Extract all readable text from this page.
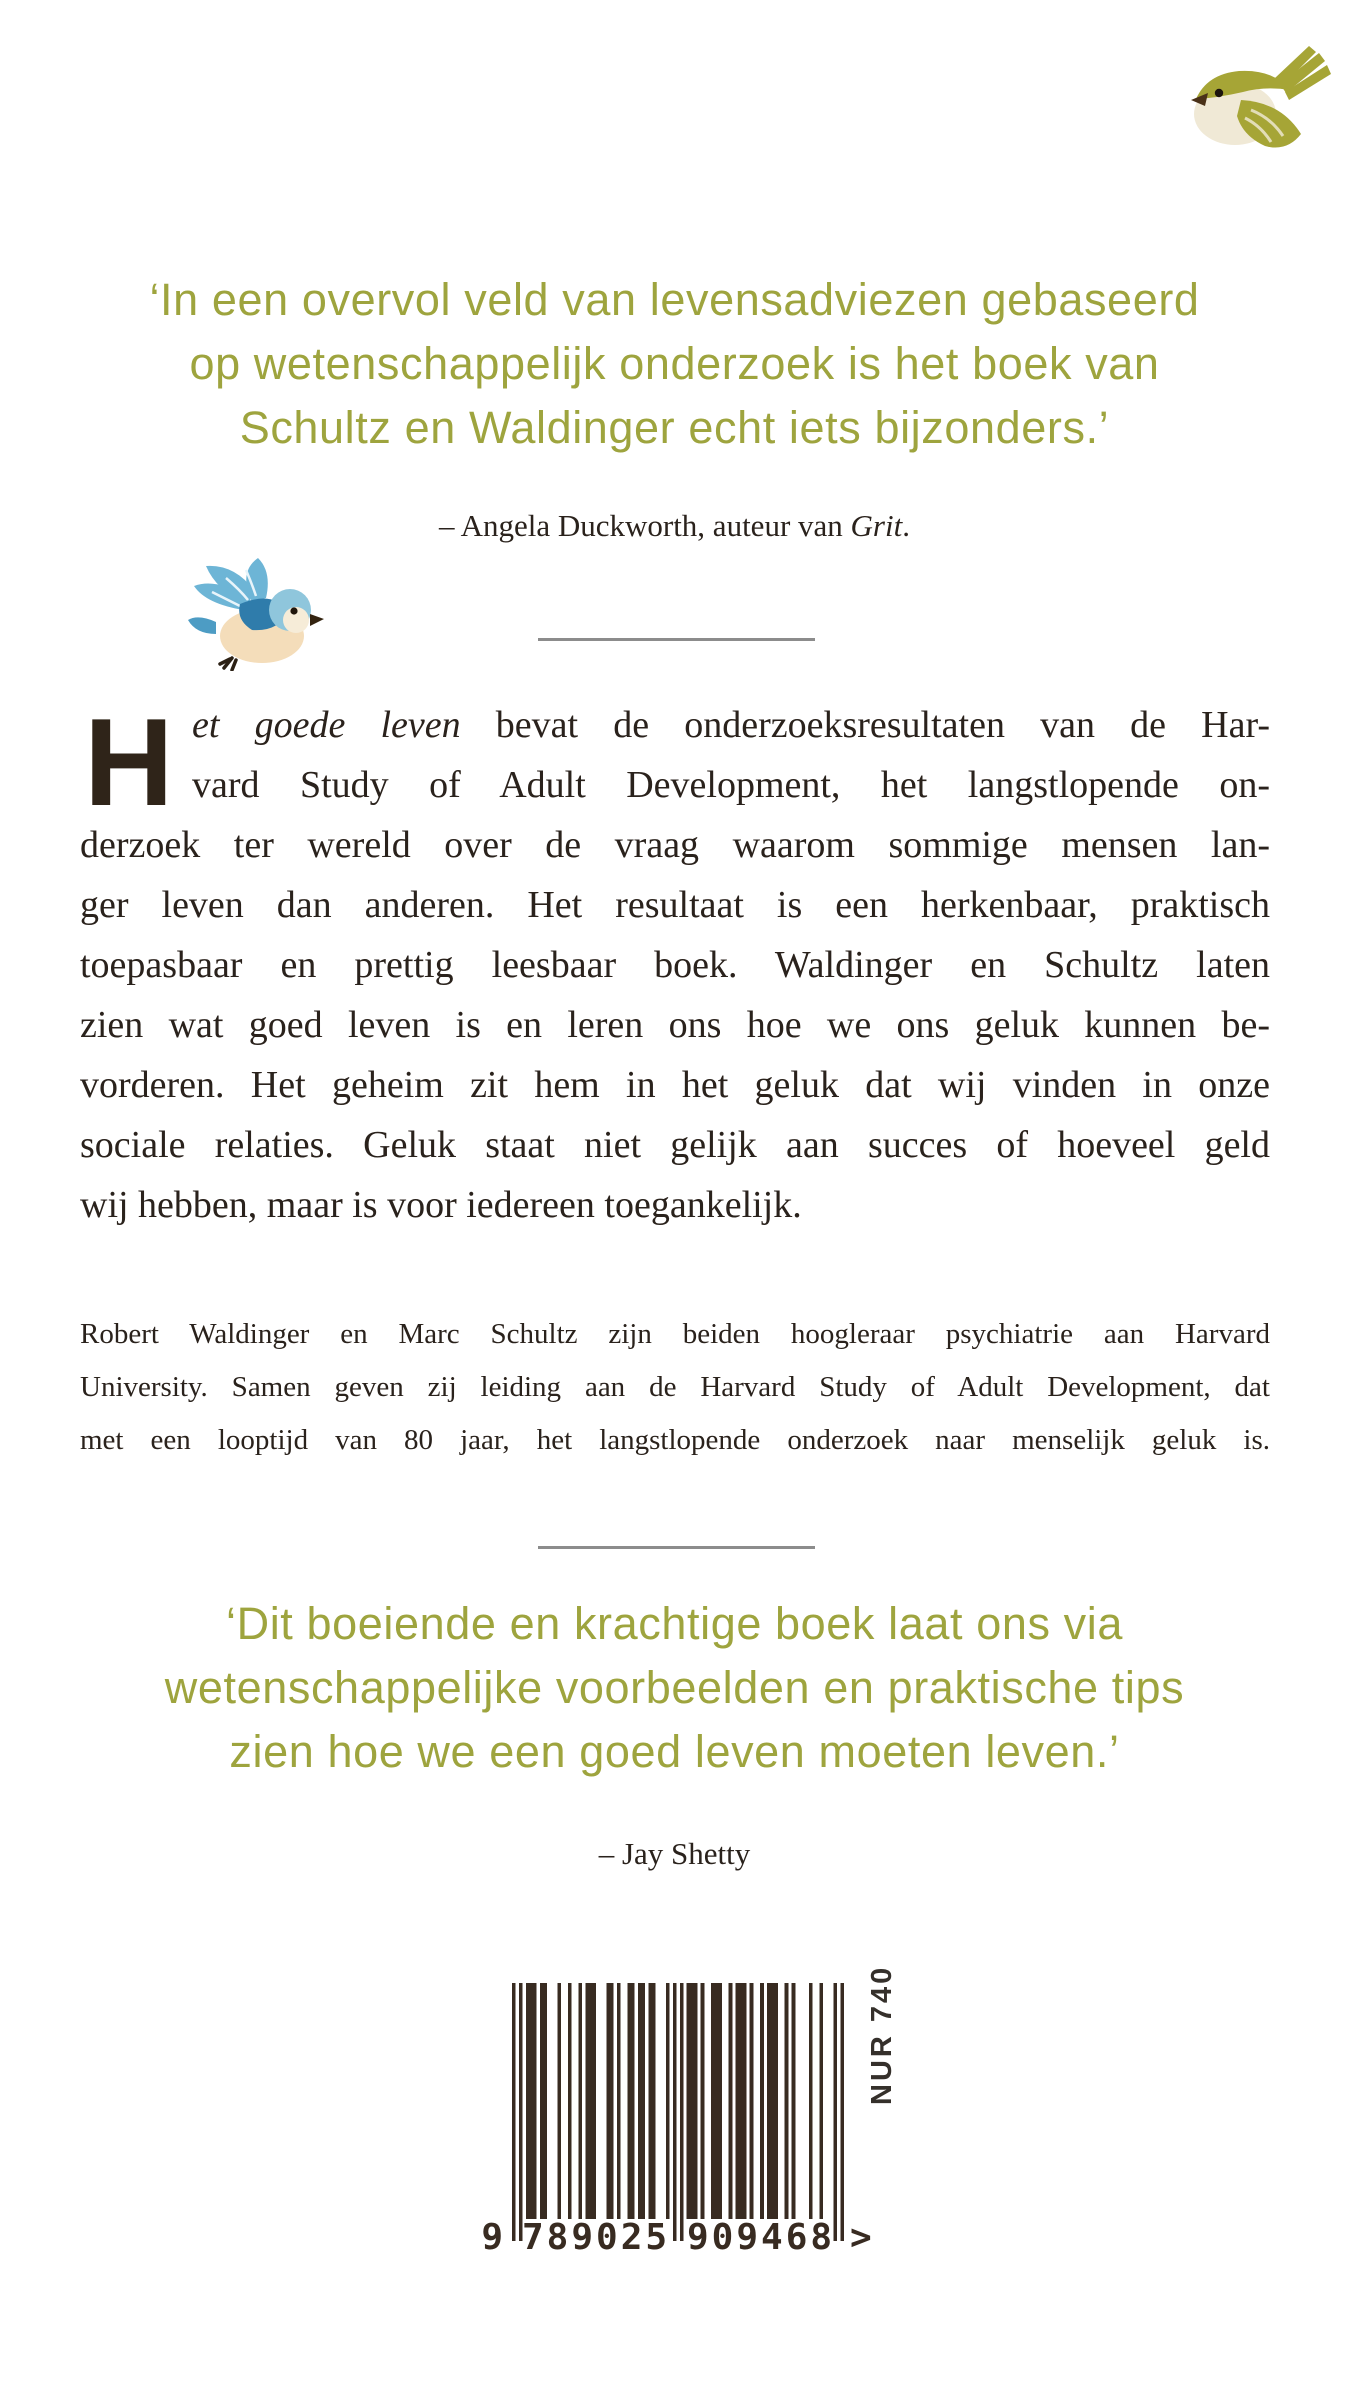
‘In een overvol veld van levensadviezen gebaseerd
op wetenschappelijk onderzoek is het boek van
Schultz en Waldinger echt iets bijzonders.’
– Angela Duckworth, auteur van Grit.
H et goede leven bevat de onderzoeksresultaten van de Har-
vard Study of Adult Development, het langstlopende on-
derzoek ter wereld over de vraag waarom sommige mensen lan-
ger leven dan anderen. Het resultaat is een herkenbaar, praktisch
toepasbaar en prettig leesbaar boek. Waldinger en Schultz laten
zien wat goed leven is en leren ons hoe we ons geluk kunnen be-
vorderen. Het geheim zit hem in het geluk dat wij vinden in onze
sociale relaties. Geluk staat niet gelijk aan succes of hoeveel geld
wij hebben, maar is voor iedereen toegankelijk.
Robert Waldinger en Marc Schultz zijn beiden hoogleraar psychiatrie aan Harvard
University. Samen geven zij leiding aan de Harvard Study of Adult Development, dat
met een looptijd van 80 jaar, het langstlopende onderzoek naar menselijk geluk is.
‘Dit boeiende en krachtige boek laat ons via
wetenschappelijke voorbeelden en praktische tips
zien hoe we een goed leven moeten leven.’
– Jay Shetty
9 789025 909468 >
NUR 740
